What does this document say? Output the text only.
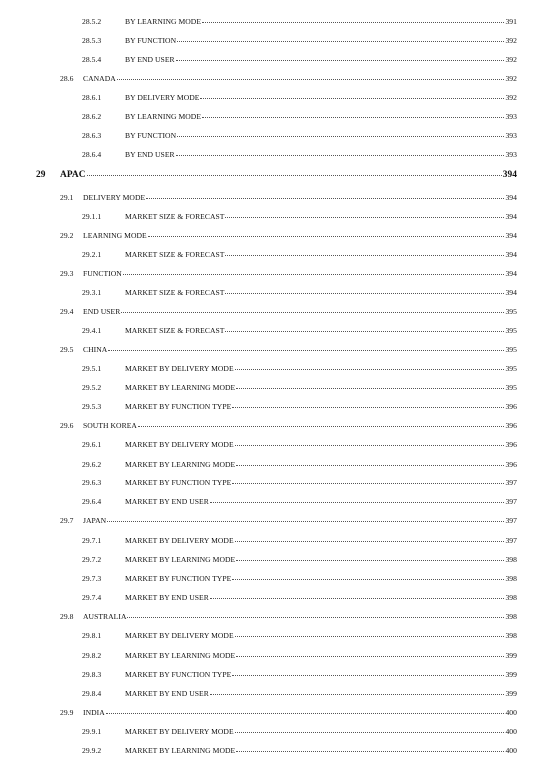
28.5.2	BY LEARNING MODE	391
28.5.3	BY FUNCTION	392
28.5.4	BY END USER	392
28.6	CANADA	392
28.6.1	BY DELIVERY MODE	392
28.6.2	BY LEARNING MODE	393
28.6.3	BY FUNCTION	393
28.6.4	BY END USER	393
29	APAC	394
29.1	DELIVERY MODE	394
29.1.1	MARKET SIZE & FORECAST	394
29.2	LEARNING MODE	394
29.2.1	MARKET SIZE & FORECAST	394
29.3	FUNCTION	394
29.3.1	MARKET SIZE & FORECAST	394
29.4	END USER	395
29.4.1	MARKET SIZE & FORECAST	395
29.5	CHINA	395
29.5.1	MARKET BY DELIVERY MODE	395
29.5.2	MARKET BY LEARNING MODE	395
29.5.3	MARKET BY FUNCTION TYPE	396
29.6	SOUTH KOREA	396
29.6.1	MARKET BY DELIVERY MODE	396
29.6.2	MARKET BY LEARNING MODE	396
29.6.3	MARKET BY FUNCTION TYPE	397
29.6.4	MARKET BY END USER	397
29.7	JAPAN	397
29.7.1	MARKET BY DELIVERY MODE	397
29.7.2	MARKET BY LEARNING MODE	398
29.7.3	MARKET BY FUNCTION TYPE	398
29.7.4	MARKET BY END USER	398
29.8	AUSTRALIA	398
29.8.1	MARKET BY DELIVERY MODE	398
29.8.2	MARKET BY LEARNING MODE	399
29.8.3	MARKET BY FUNCTION TYPE	399
29.8.4	MARKET BY END USER	399
29.9	INDIA	400
29.9.1	MARKET BY DELIVERY MODE	400
29.9.2	MARKET BY LEARNING MODE	400
